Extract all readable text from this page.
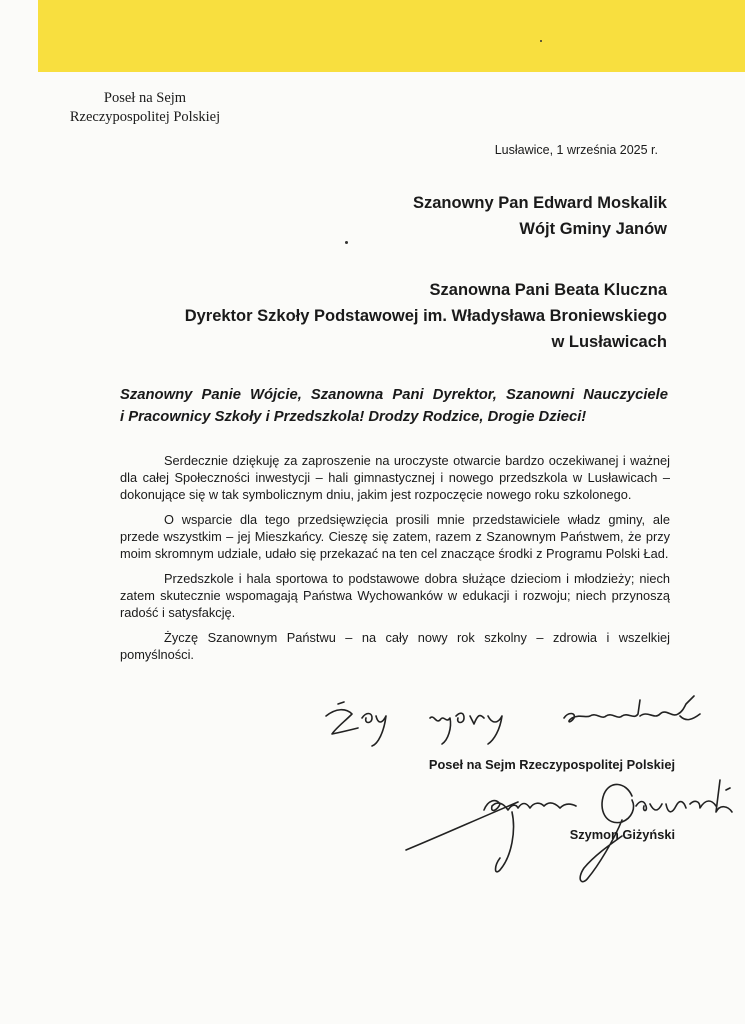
Poseł na Sejm
Rzeczypospolitej Polskiej
Lusławice, 1 września 2025 r.
Szanowny Pan Edward Moskalik
Wójt Gminy Janów
Szanowna Pani Beata Kluczna
Dyrektor Szkoły Podstawowej im. Władysława Broniewskiego
w Lusławicach
Szanowny Panie Wójcie, Szanowna Pani Dyrektor, Szanowni Nauczyciele
i Pracownicy Szkoły i Przedszkola! Drodzy Rodzice, Drogie Dzieci!

Serdecznie dziękuję za zaproszenie na uroczyste otwarcie bardzo oczekiwanej i ważnej dla całej Społeczności inwestycji – hali gimnastycznej i nowego przedszkola w Lusławicach – dokonujące się w tak symbolicznym dniu, jakim jest rozpoczęcie nowego roku szkolonego.

O wsparcie dla tego przedsięwzięcia prosili mnie przedstawiciele władz gminy, ale przede wszystkim – jej Mieszkańcy. Cieszę się zatem, razem z Szanownym Państwem, że przy moim skromnym udziale, udało się przekazać na ten cel znaczące środki z Programu Polski Ład.

Przedszkole i hala sportowa to podstawowe dobra służące dzieciom i młodzieży; niech zatem skutecznie wspomagają Państwa Wychowanków w edukacji i rozwoju; niech przynoszą radość i satysfakcję.

Życzę Szanownym Państwu – na cały nowy rok szkolny – zdrowia i wszelkiej pomyślności.

Poseł na Sejm Rzeczypospolitej Polskiej
Szymon Giżyński
